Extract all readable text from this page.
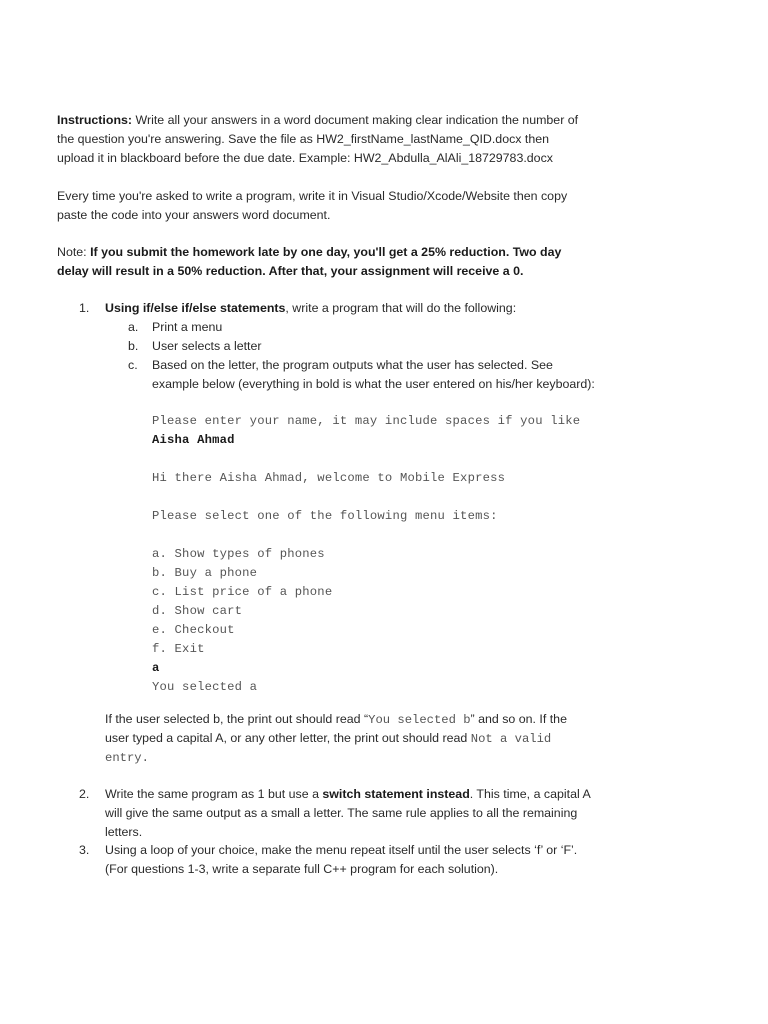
Instructions: Write all your answers in a word document making clear indication the number of

the question you're answering. Save the file as HW2_firstName_lastName_QID.docx then

upload it in blackboard before the due date. Example: HW2_Abdulla_AlAli_18729783.docx

Every time you're asked to write a program, write it in Visual Studio/Xcode/Website then copy

paste the code into your answers word document.

Note: If you submit the homework late by one day, you'll get a 25% reduction. Two day

delay will result in a 50% reduction. After that, your assignment will receive a 0.

1. Using if/else if/else statements, write a program that will do the following:
a. Print a menu
b. User selects a letter
c. Based on the letter, the program outputs what the user has selected. See
example below (everything in bold is what the user entered on his/her keyboard):
Please enter your name, it may include spaces if you like
Aisha Ahmad
Hi there Aisha Ahmad, welcome to Mobile Express
Please select one of the following menu items:
a. Show types of phones
b. Buy a phone
c. List price of a phone
d. Show cart
e. Checkout
f. Exit
a
You selected a
If the user selected b, the print out should read “You selected b” and so on. If the
user typed a capital A, or any other letter, the print out should read Not a valid
entry.
2. Write the same program as 1 but use a switch statement instead. This time, a capital A
will give the same output as a small a letter. The same rule applies to all the remaining
letters.
3. Using a loop of your choice, make the menu repeat itself until the user selects ‘f’ or ‘F’.
(For questions 1-3, write a separate full C++ program for each solution).
